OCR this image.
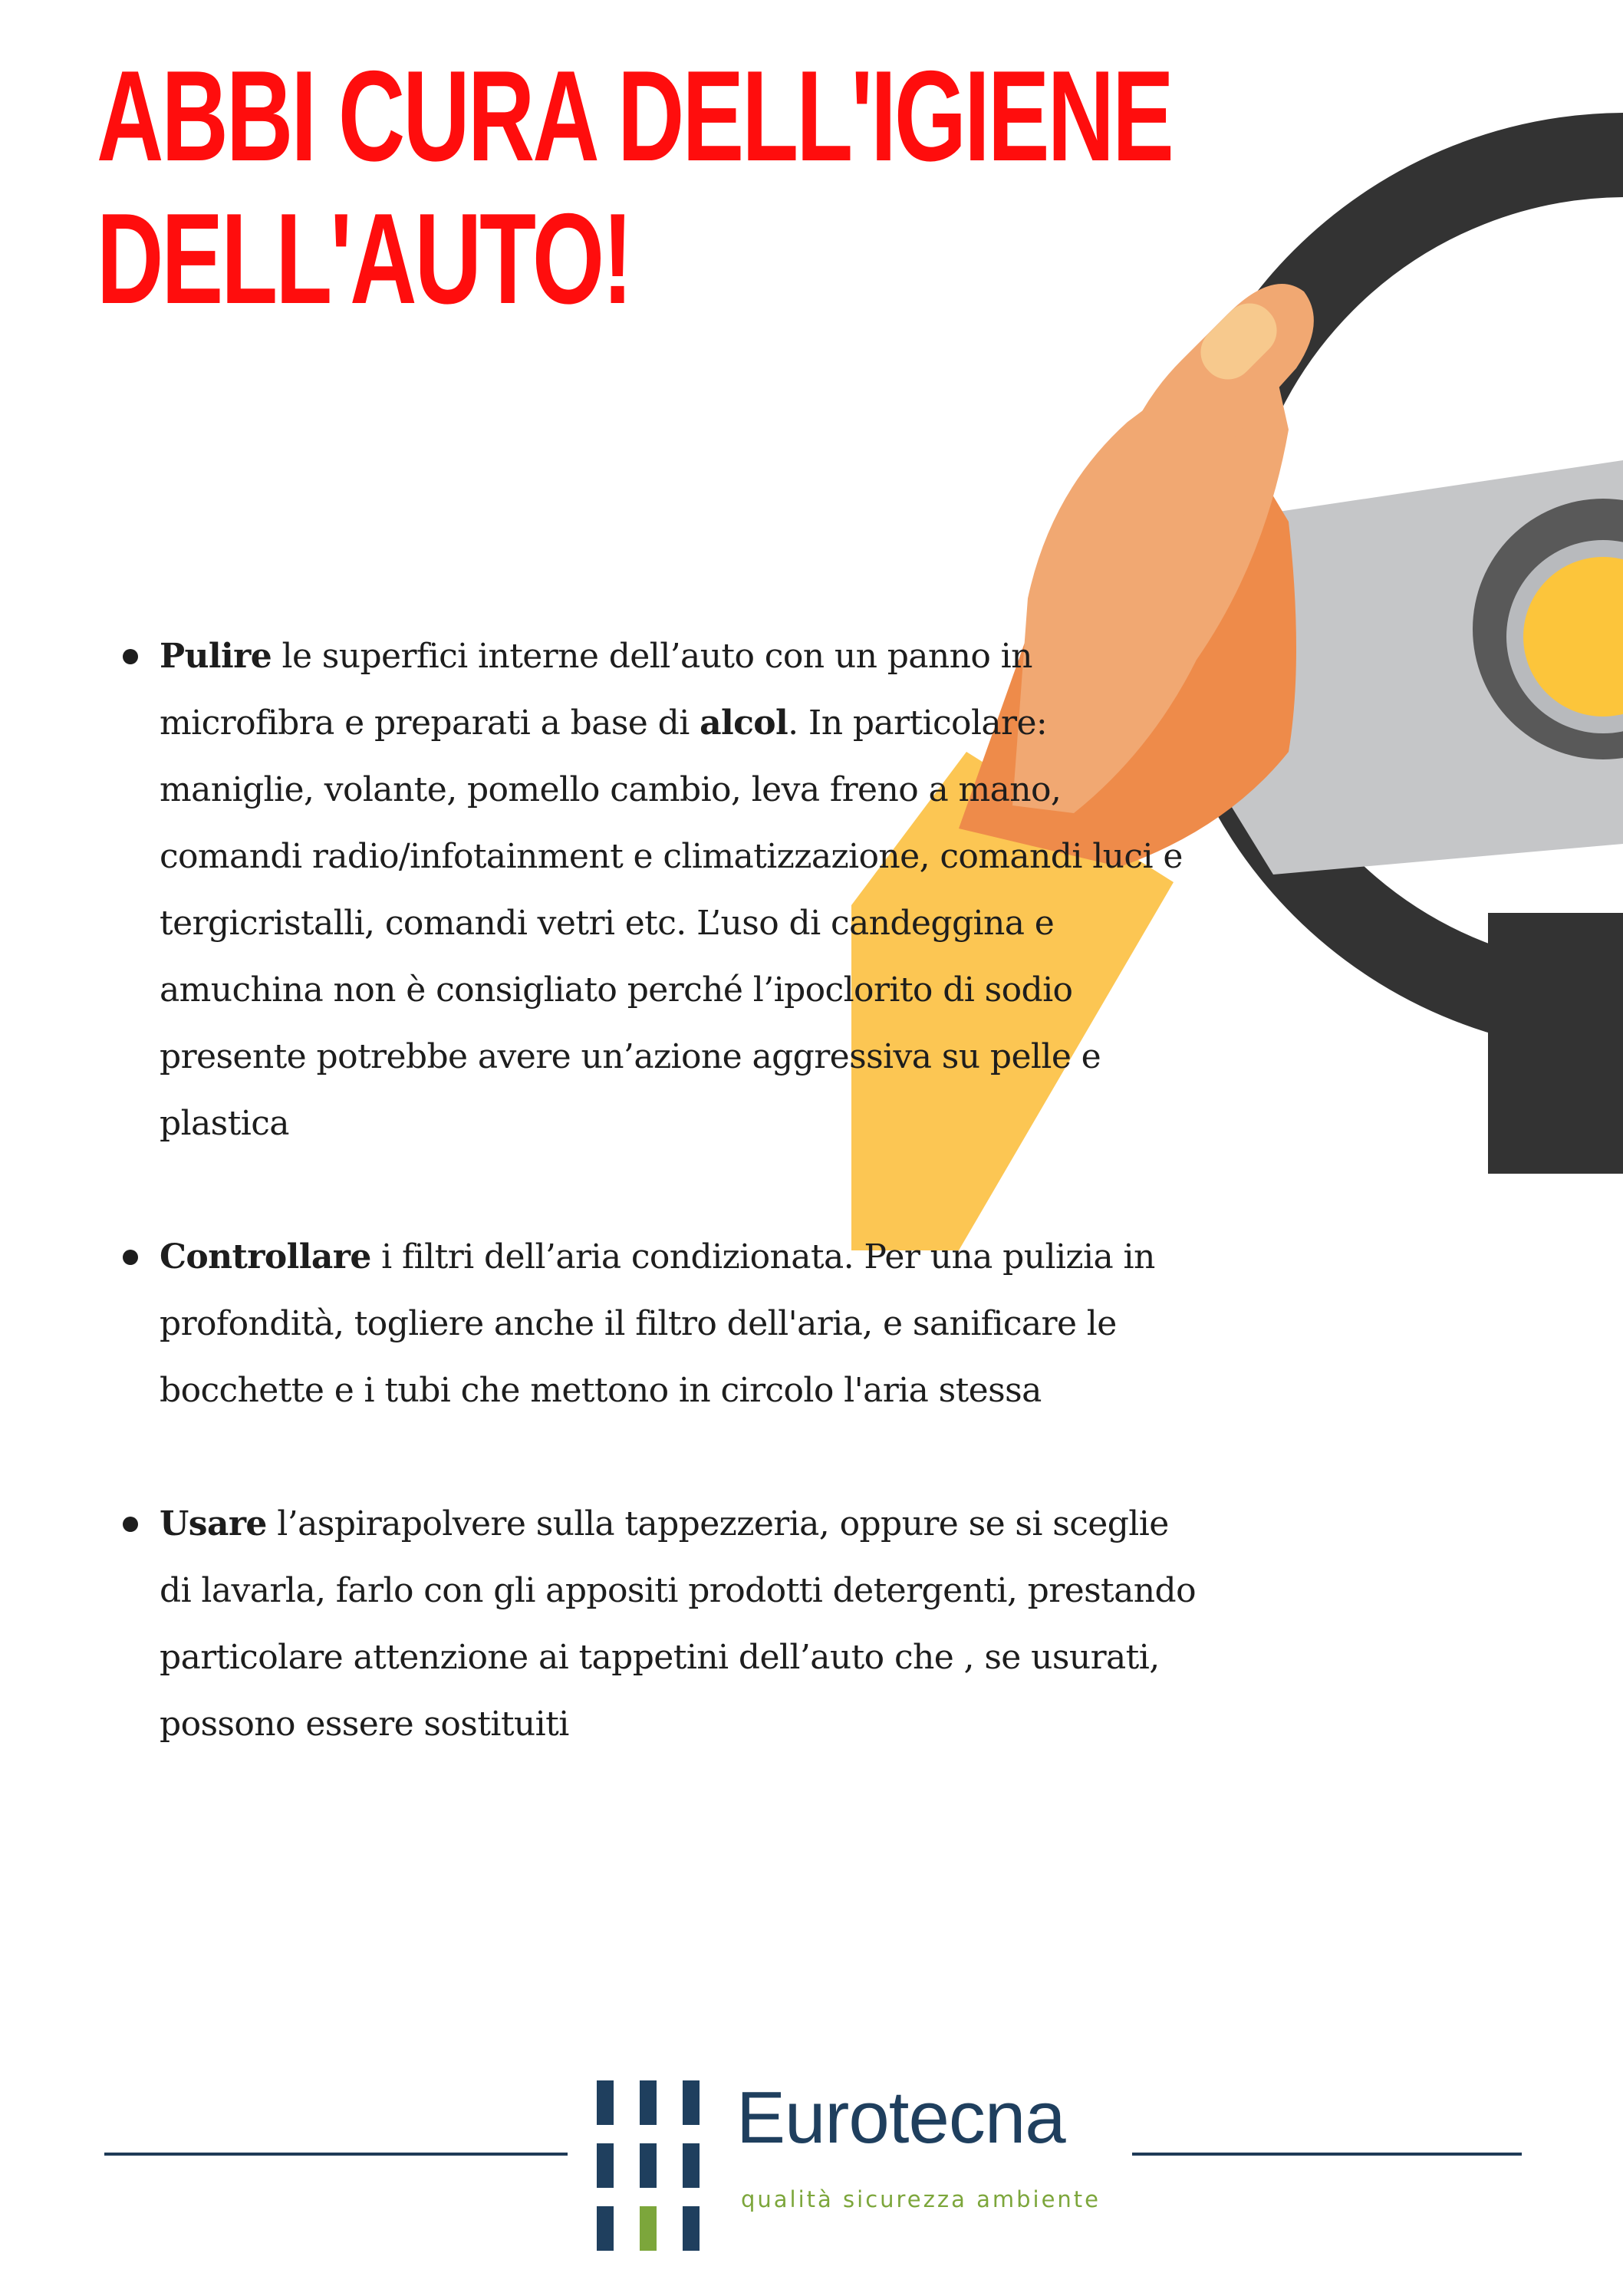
ABBI CURA DELL'IGIENE
DELL'AUTO!
Pulire le superfici interne dell’auto con un panno in microfibra e preparati a base di alcol. In particolare: maniglie, volante, pomello cambio, leva freno a mano, comandi radio/infotainment e climatizzazione, comandi luci e tergicristalli, comandi vetri etc. L’uso di candeggina e amuchina non è consigliato perché l’ipoclorito di sodio presente potrebbe avere un’azione aggressiva su pelle e plastica
Controllare i filtri dell’aria condizionata. Per una pulizia in profondità, togliere anche il filtro dell'aria, e sanificare le bocchette e i tubi che mettono in circolo l'aria stessa
Usare l’aspirapolvere sulla tappezzeria, oppure se si sceglie di lavarla, farlo con gli appositi prodotti detergenti, prestando particolare attenzione ai tappetini dell’auto che , se usurati, possono essere sostituiti
Eurotecna
qualità sicurezza ambiente
